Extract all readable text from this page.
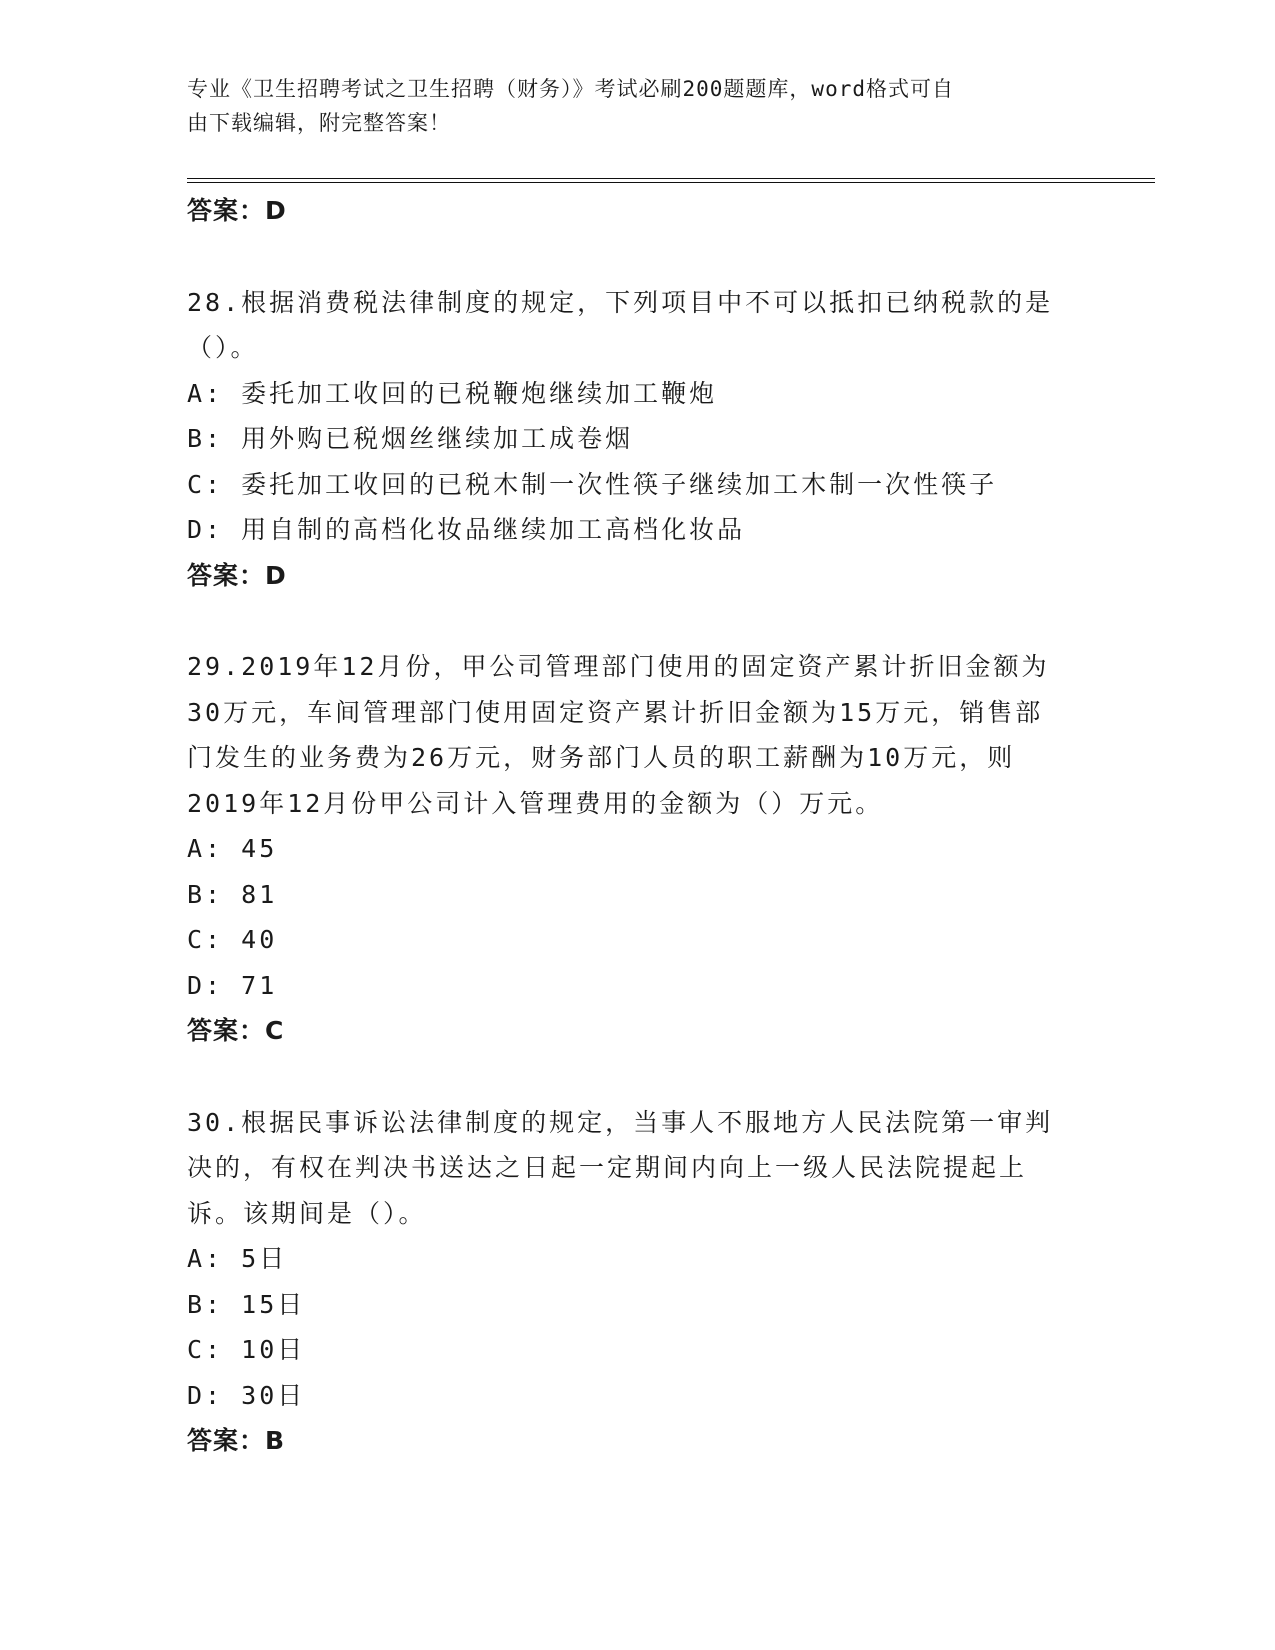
专业《卫生招聘考试之卫生招聘（财务）》考试必刷200题题库，word格式可自
由下载编辑，附完整答案！
答案：D
28.根据消费税法律制度的规定，下列项目中不可以抵扣已纳税款的是
（）。
A: 委托加工收回的已税鞭炮继续加工鞭炮
B: 用外购已税烟丝继续加工成卷烟
C: 委托加工收回的已税木制一次性筷子继续加工木制一次性筷子
D: 用自制的高档化妆品继续加工高档化妆品
答案：D
29.2019年12月份，甲公司管理部门使用的固定资产累计折旧金额为
30万元，车间管理部门使用固定资产累计折旧金额为15万元，销售部
门发生的业务费为26万元，财务部门人员的职工薪酬为10万元，则
2019年12月份甲公司计入管理费用的金额为（）万元。
A: 45
B: 81
C: 40
D: 71
答案：C
30.根据民事诉讼法律制度的规定，当事人不服地方人民法院第一审判
决的，有权在判决书送达之日起一定期间内向上一级人民法院提起上
诉。该期间是（）。
A: 5日
B: 15日
C: 10日
D: 30日
答案：B
